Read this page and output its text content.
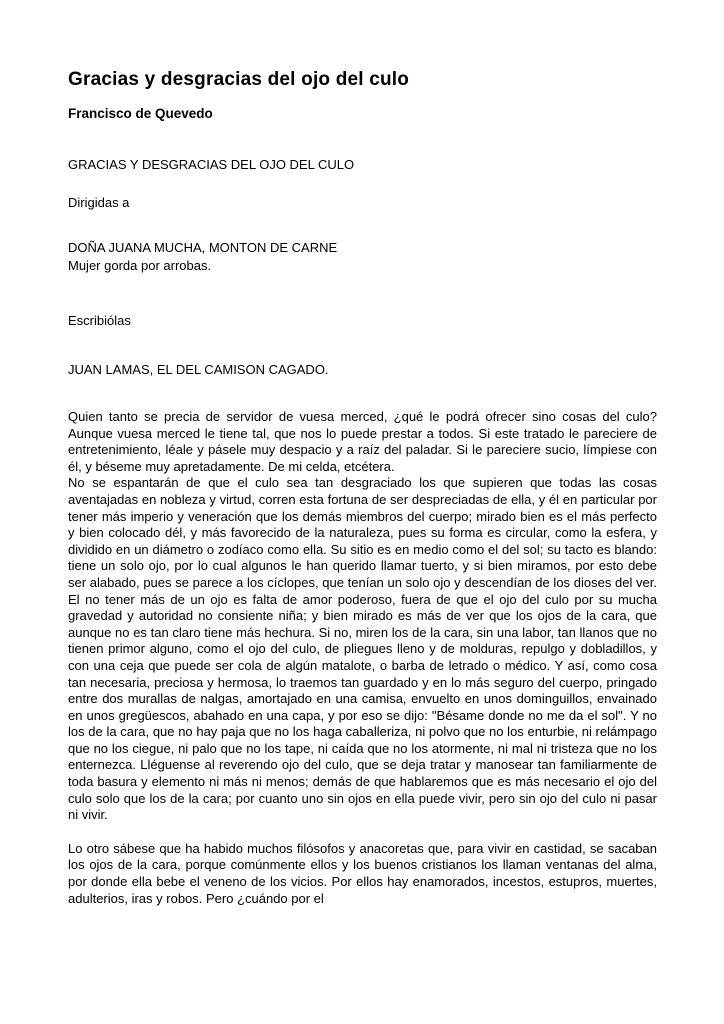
Gracias y desgracias del ojo del culo
Francisco de Quevedo

GRACIAS Y DESGRACIAS DEL OJO DEL CULO

Dirigidas a

DOÑA JUANA MUCHA, MONTON DE CARNE
Mujer gorda por arrobas.

Escribiólas

JUAN LAMAS, EL DEL CAMISON CAGADO.

Quien tanto se precia de servidor de vuesa merced, ¿qué le podrá ofrecer sino cosas del culo? Aunque vuesa merced le tiene tal, que nos lo puede prestar a todos. Si este tratado le pareciere de entretenimiento, léale y pásele muy despacio y a raíz del paladar. Si le pareciere sucio, límpiese con él, y béseme muy apretadamente. De mi celda, etcétera.

No se espantarán de que el culo sea tan desgraciado los que supieren que todas las cosas aventajadas en nobleza y virtud, corren esta fortuna de ser despreciadas de ella, y él en particular por tener más imperio y veneración que los demás miembros del cuerpo; mirado bien es el más perfecto y bien colocado dél, y más favorecido de la naturaleza, pues su forma es circular, como la esfera, y dividido en un diámetro o zodíaco como ella. Su sitio es en medio como el del sol; su tacto es blando: tiene un solo ojo, por lo cual algunos le han querido llamar tuerto, y si bien miramos, por esto debe ser alabado, pues se parece a los cíclopes, que tenían un solo ojo y descendían de los dioses del ver. El no tener más de un ojo es falta de amor poderoso, fuera de que el ojo del culo por su mucha gravedad y autoridad no consiente niña; y bien mirado es más de ver que los ojos de la cara, que aunque no es tan claro tiene más hechura. Si no, miren los de la cara, sin una labor, tan llanos que no tienen primor alguno, como el ojo del culo, de pliegues lleno y de molduras, repulgo y dobladillos, y con una ceja que puede ser cola de algún matalote, o barba de letrado o médico. Y así, como cosa tan necesaria, preciosa y hermosa, lo traemos tan guardado y en lo más seguro del cuerpo, pringado entre dos murallas de nalgas, amortajado en una camisa, envuelto en unos dominguillos, envainado en unos gregüescos, abahado en una capa, y por eso se dijo: "Bésame donde no me da el sol". Y no los de la cara, que no hay paja que no los haga caballeriza, ni polvo que no los enturbie, ni relámpago que no los ciegue, ni palo que no los tape, ni caída que no los atormente, ni mal ni tristeza que no los enternezca. Lléguense al reverendo ojo del culo, que se deja tratar y manosear tan familiarmente de toda basura y elemento ni más ni menos; demás de que hablaremos que es más necesario el ojo del culo solo que los de la cara; por cuanto uno sin ojos en ella puede vivir, pero sin ojo del culo ni pasar ni vivir.

Lo otro sábese que ha habido muchos filósofos y anacoretas que, para vivir en castidad, se sacaban los ojos de la cara, porque comúnmente ellos y los buenos cristianos los llaman ventanas del alma, por donde ella bebe el veneno de los vicios. Por ellos hay enamorados, incestos, estupros, muertes, adulterios, iras y robos. Pero ¿cuándo por el
